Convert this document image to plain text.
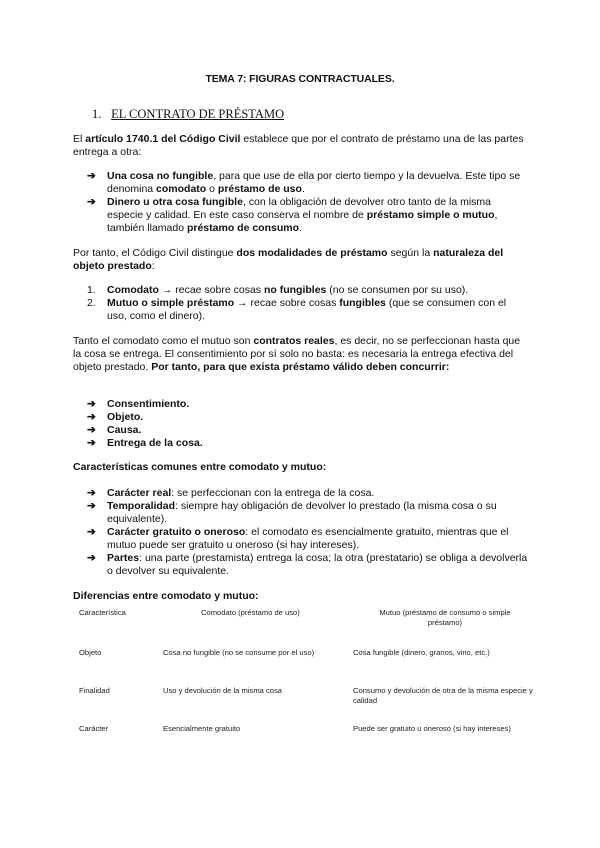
TEMA 7: FIGURAS CONTRACTUALES.
1. EL CONTRATO DE PRÉSTAMO
El artículo 1740.1 del Código Civil establece que por el contrato de préstamo una de las partes entrega a otra:
➔ Una cosa no fungible, para que use de ella por cierto tiempo y la devuelva. Este tipo se denomina comodato o préstamo de uso.
➔ Dinero u otra cosa fungible, con la obligación de devolver otro tanto de la misma especie y calidad. En este caso conserva el nombre de préstamo simple o mutuo, también llamado préstamo de consumo.
Por tanto, el Código Civil distingue dos modalidades de préstamo según la naturaleza del objeto prestado:
1. Comodato → recae sobre cosas no fungibles (no se consumen por su uso).
2. Mutuo o simple préstamo → recae sobre cosas fungibles (que se consumen con el uso, como el dinero).
Tanto el comodato como el mutuo son contratos reales, es decir, no se perfeccionan hasta que la cosa se entrega. El consentimiento por sí solo no basta: es necesaria la entrega efectiva del objeto prestado. Por tanto, para que exista préstamo válido deben concurrir:
➔ Consentimiento.
➔ Objeto.
➔ Causa.
➔ Entrega de la cosa.
Características comunes entre comodato y mutuo:
➔ Carácter real: se perfeccionan con la entrega de la cosa.
➔ Temporalidad: siempre hay obligación de devolver lo prestado (la misma cosa o su equivalente).
➔ Carácter gratuito o oneroso: el comodato es esencialmente gratuito, mientras que el mutuo puede ser gratuito u oneroso (si hay intereses).
➔ Partes: una parte (prestamista) entrega la cosa; la otra (prestatario) se obliga a devolverla o devolver su equivalente.
Diferencias entre comodato y mutuo:
Característica	Comodato (préstamo de uso)	Mutuo (préstamo de consumo o simple préstamo)
Objeto	Cosa no fungible (no se consume por el uso)	Cosa fungible (dinero, granos, vino, etc.)
Finalidad	Uso y devolución de la misma cosa	Consumo y devolución de otra de la misma especie y calidad
Carácter	Esencialmente gratuito	Puede ser gratuito u oneroso (si hay intereses)
